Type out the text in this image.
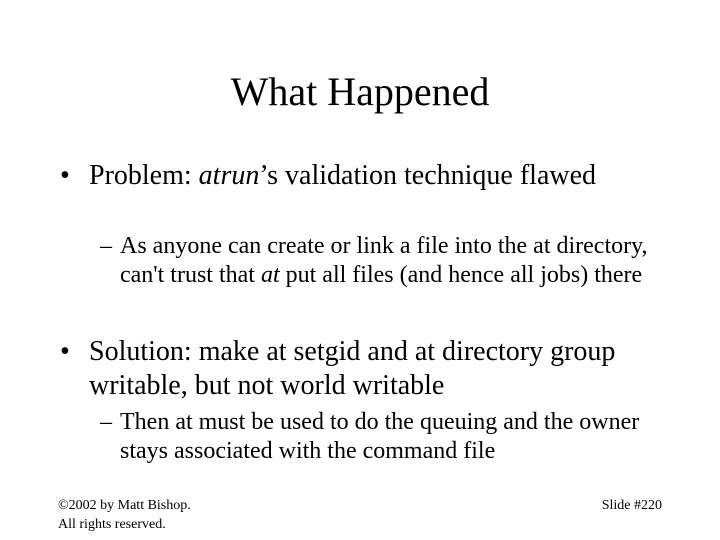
What Happened
• Problem: atrun’s validation technique flawed
– As anyone can create or link a file into the at directory, can't trust that at put all files (and hence all jobs) there
• Solution: make at setgid and at directory group writable, but not world writable
– Then at must be used to do the queuing and the owner stays associated with the command file
©2002 by Matt Bishop.
All rights reserved.
Slide #220
